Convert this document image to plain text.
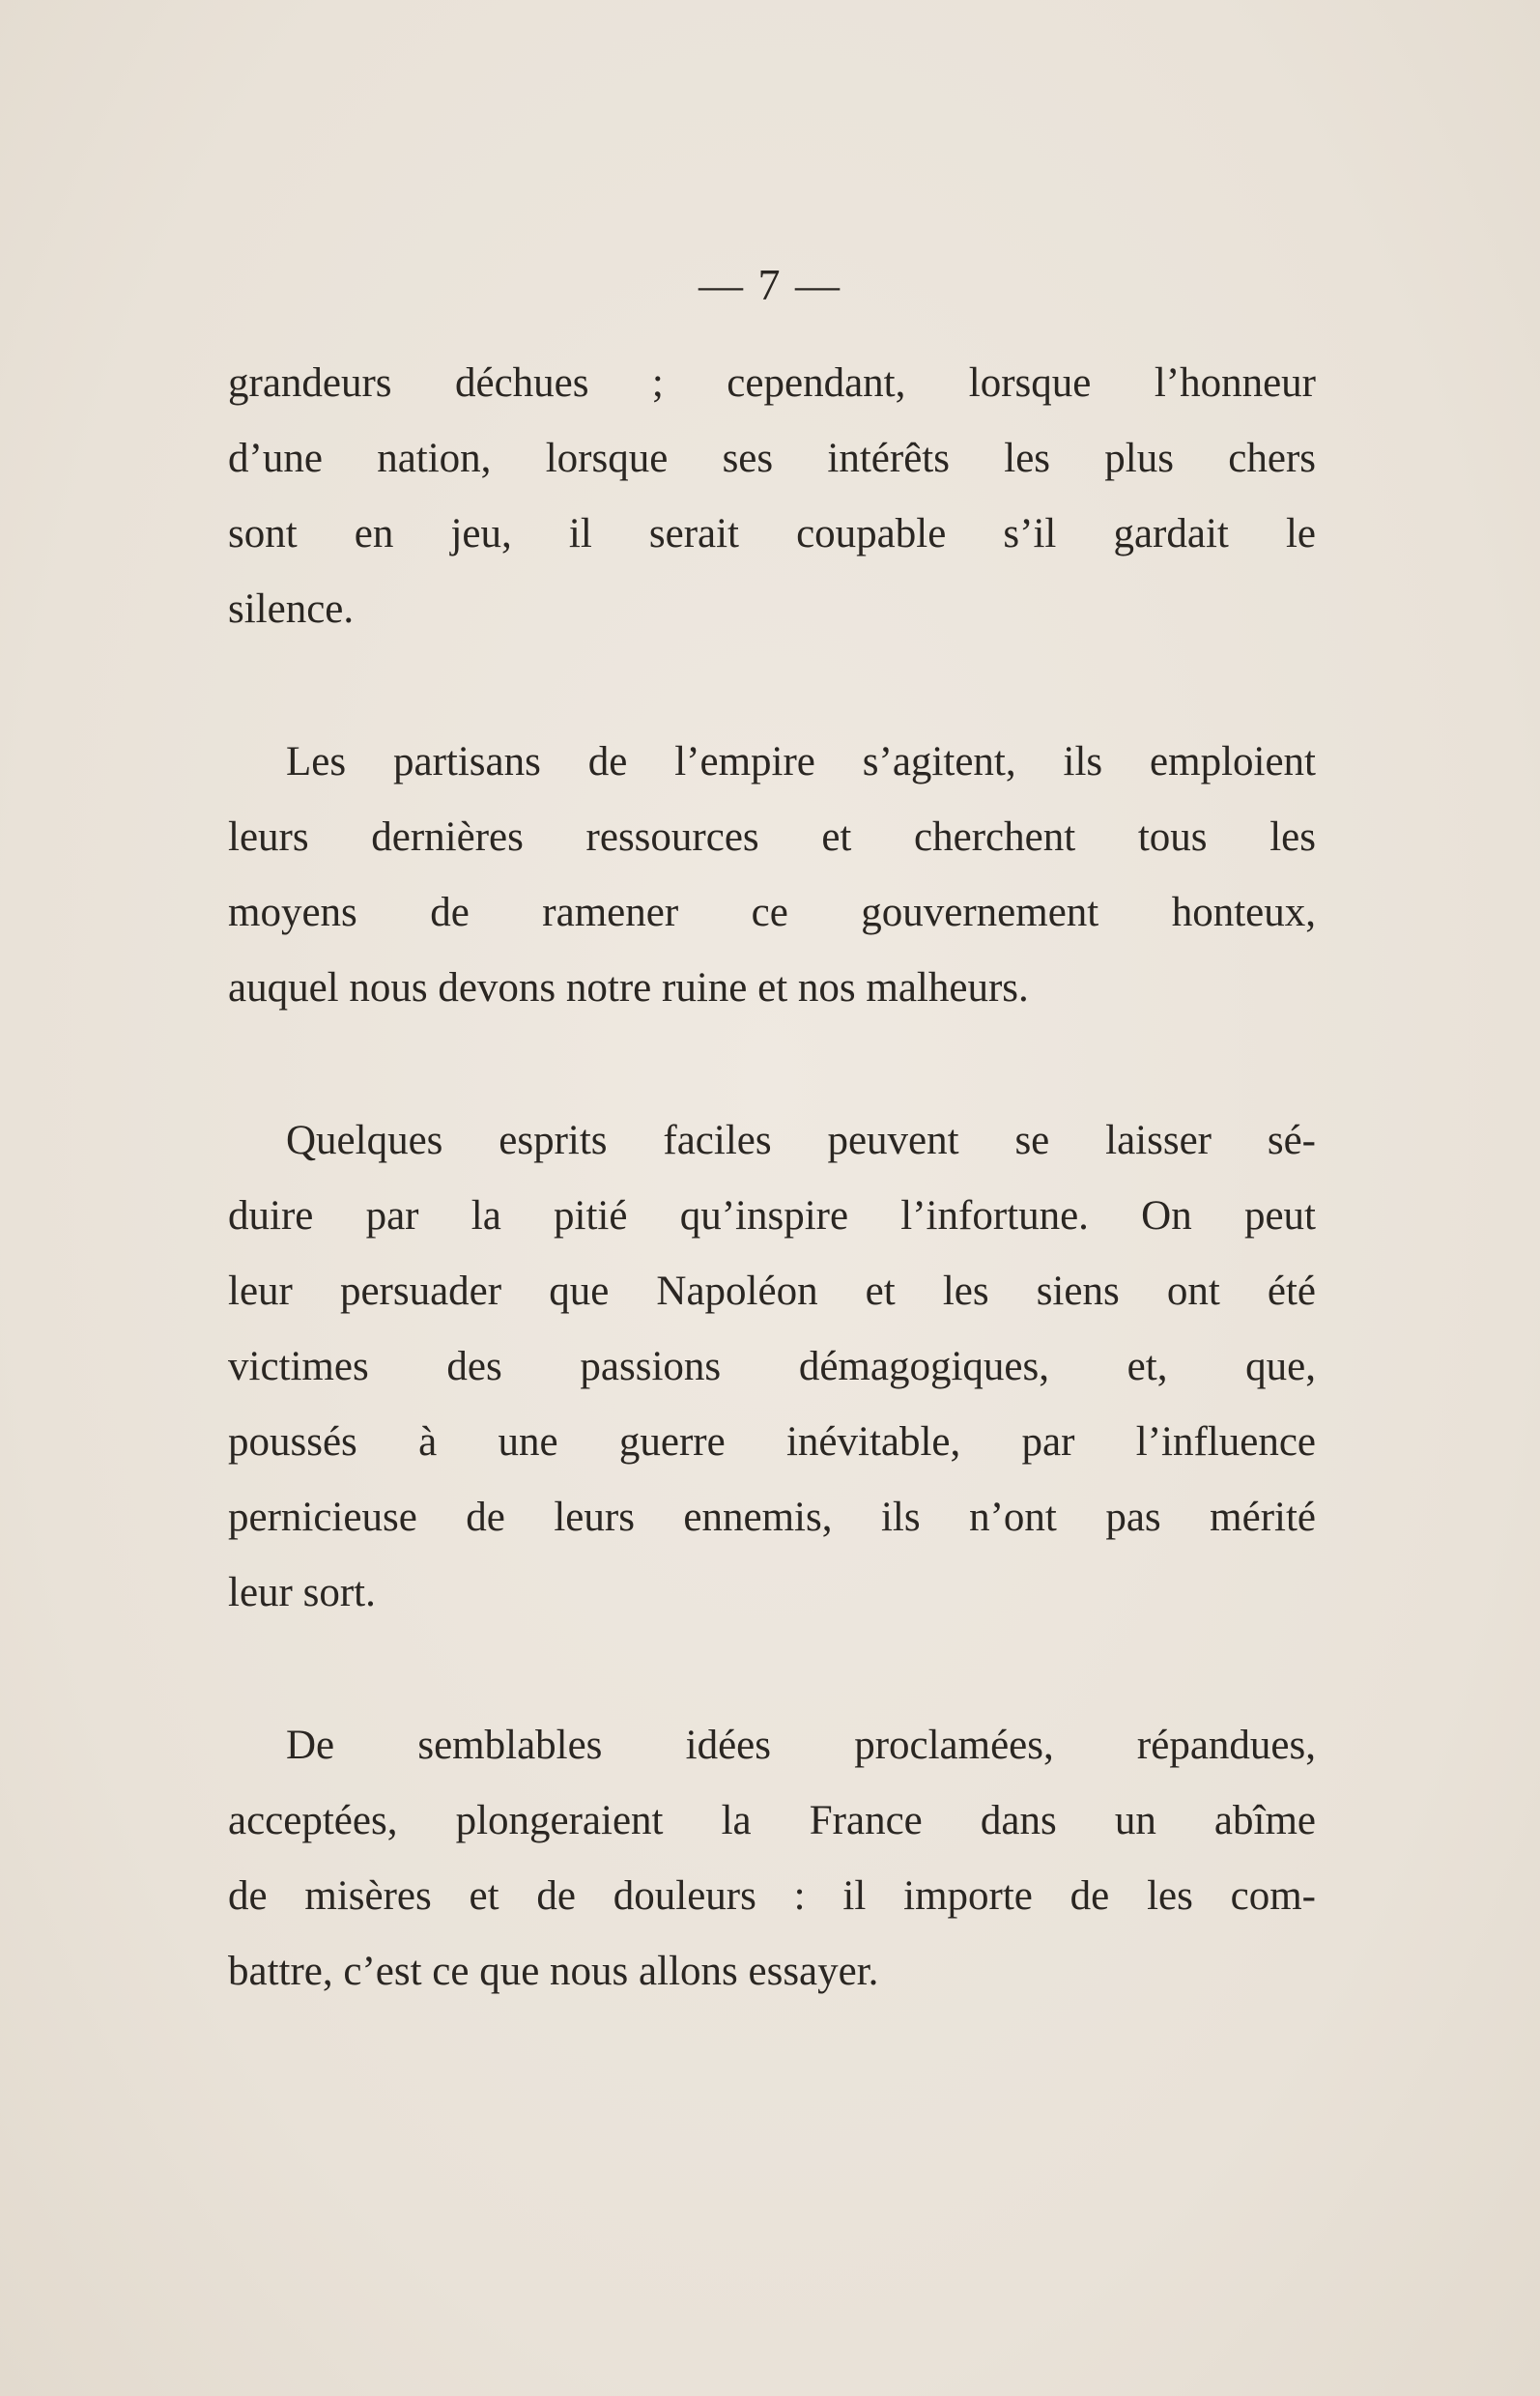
— 7 —

grandeurs déchues ; cependant, lorsque l’honneur
d’une nation, lorsque ses intérêts les plus chers
sont en jeu, il serait coupable s’il gardait le
silence.

Les partisans de l’empire s’agitent, ils emploient
leurs dernières ressources et cherchent tous les
moyens de ramener ce gouvernement honteux,
auquel nous devons notre ruine et nos malheurs.

Quelques esprits faciles peuvent se laisser sé-
duire par la pitié qu’inspire l’infortune. On peut
leur persuader que Napoléon et les siens ont été
victimes des passions démagogiques, et, que,
poussés à une guerre inévitable, par l’influence
pernicieuse de leurs ennemis, ils n’ont pas mérité
leur sort.

De semblables idées proclamées, répandues,
acceptées, plongeraient la France dans un abîme
de misères et de douleurs : il importe de les com-
battre, c’est ce que nous allons essayer.
